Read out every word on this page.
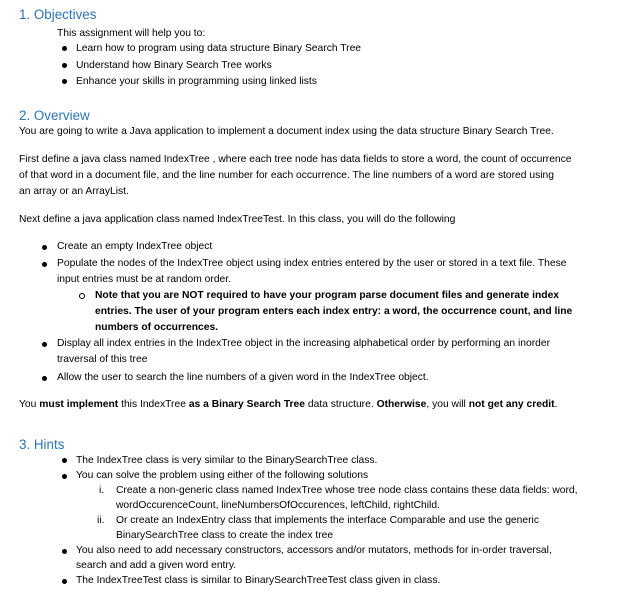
1. Objectives

This assignment will help you to:

Learn how to program using data structure Binary Search Tree

Understand how Binary Search Tree works

Enhance your skills in programming using linked lists

2. Overview

You are going to write a Java application to implement a document index using the data structure Binary Search Tree.

First define a java class named IndexTree , where each tree node has data fields to store a word, the count of occurrence

of that word in a document file, and the line number for each occurrence. The line numbers of a word are stored using

an array or an ArrayList.

Next define a java application class named IndexTreeTest. In this class, you will do the following

Create an empty IndexTree object

Populate the nodes of the IndexTree object using index entries entered by the user or stored in a text file. These

input entries must be at random order.

Note that you are NOT required to have your program parse document files and generate index

entries. The user of your program enters each index entry: a word, the occurrence count, and line

numbers of occurrences.

Display all index entries in the IndexTree object in the increasing alphabetical order by performing an inorder

traversal of this tree

Allow the user to search the line numbers of a given word in the IndexTree object.

You must implement this IndexTree as a Binary Search Tree data structure. Otherwise, you will not get any credit.

3. Hints

The IndexTree class is very similar to the BinarySearchTree class.

You can solve the problem using either of the following solutions

i. Create a non-generic class named IndexTree whose tree node class contains these data fields: word,

wordOccurenceCount, lineNumbersOfOccurences, leftChild, rightChild.

ii. Or create an IndexEntry class that implements the interface Comparable and use the generic

BinarySearchTree class to create the index tree

You also need to add necessary constructors, accessors and/or mutators, methods for in-order traversal,

search and add a given word entry.

The IndexTreeTest class is similar to BinarySearchTreeTest class given in class.
